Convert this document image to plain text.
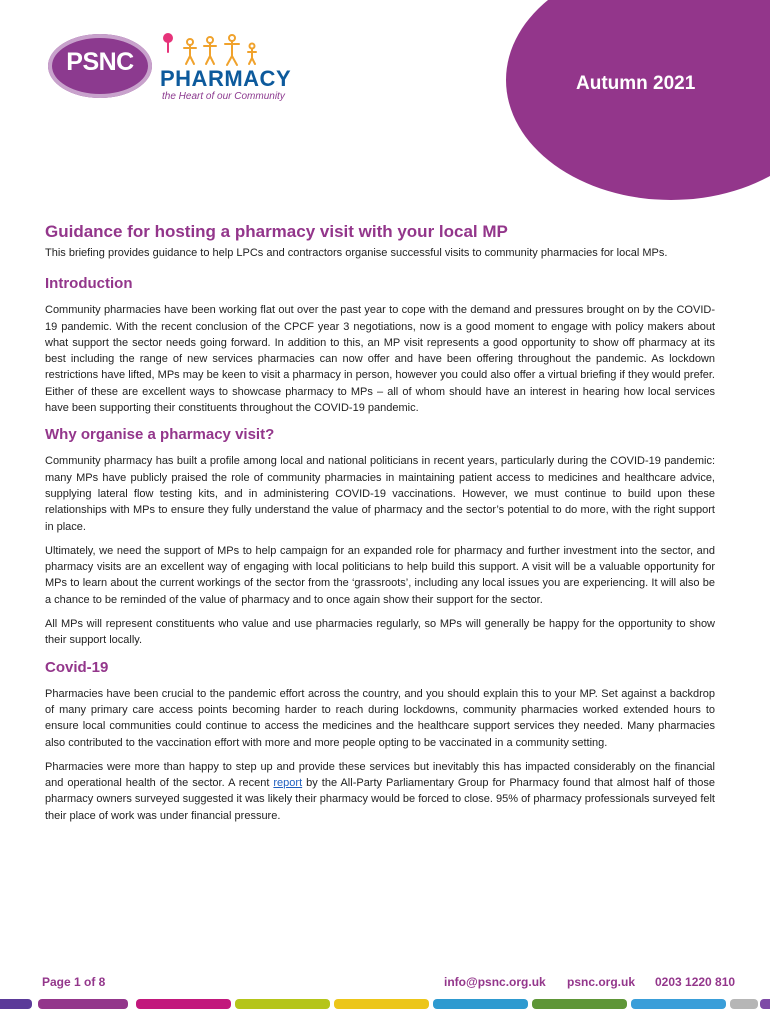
Autumn 2021
PSNC
PHARMACY
the Heart of our Community
Guidance for hosting a pharmacy visit with your local MP

This briefing provides guidance to help LPCs and contractors organise successful visits to community pharmacies for local MPs.

Introduction

Community pharmacies have been working flat out over the past year to cope with the demand and pressures brought on by the COVID-19 pandemic. With the recent conclusion of the CPCF year 3 negotiations, now is a good moment to engage with policy makers about what support the sector needs going forward. In addition to this, an MP visit represents a good opportunity to show off pharmacy at its best including the range of new services pharmacies can now offer and have been offering throughout the pandemic. As lockdown restrictions have lifted, MPs may be keen to visit a pharmacy in person, however you could also offer a virtual briefing if they would prefer. Either of these are excellent ways to showcase pharmacy to MPs – all of whom should have an interest in hearing how local services have been supporting their constituents throughout the COVID-19 pandemic.

Why organise a pharmacy visit?

Community pharmacy has built a profile among local and national politicians in recent years, particularly during the COVID-19 pandemic: many MPs have publicly praised the role of community pharmacies in maintaining patient access to medicines and healthcare advice, supplying lateral flow testing kits, and in administering COVID-19 vaccinations. However, we must continue to build upon these relationships with MPs to ensure they fully understand the value of pharmacy and the sector’s potential to do more, with the right support in place.

Ultimately, we need the support of MPs to help campaign for an expanded role for pharmacy and further investment into the sector, and pharmacy visits are an excellent way of engaging with local politicians to help build this support. A visit will be a valuable opportunity for MPs to learn about the current workings of the sector from the ‘grassroots’, including any local issues you are experiencing. It will also be a chance to be reminded of the value of pharmacy and to once again show their support for the sector.

All MPs will represent constituents who value and use pharmacies regularly, so MPs will generally be happy for the opportunity to show their support locally.

Covid-19

Pharmacies have been crucial to the pandemic effort across the country, and you should explain this to your MP. Set against a backdrop of many primary care access points becoming harder to reach during lockdowns, community pharmacies worked extended hours to ensure local communities could continue to access the medicines and the healthcare support services they needed. Many pharmacies also contributed to the vaccination effort with more and more people opting to be vaccinated in a community setting.

Pharmacies were more than happy to step up and provide these services but inevitably this has impacted considerably on the financial and operational health of the sector. A recent report by the All-Party Parliamentary Group for Pharmacy found that almost half of those pharmacy owners surveyed suggested it was likely their pharmacy would be forced to close. 95% of pharmacy professionals surveyed felt their place of work was under financial pressure.

Page 1 of 8	info@psnc.org.uk psnc.org.uk 0203 1220 810
